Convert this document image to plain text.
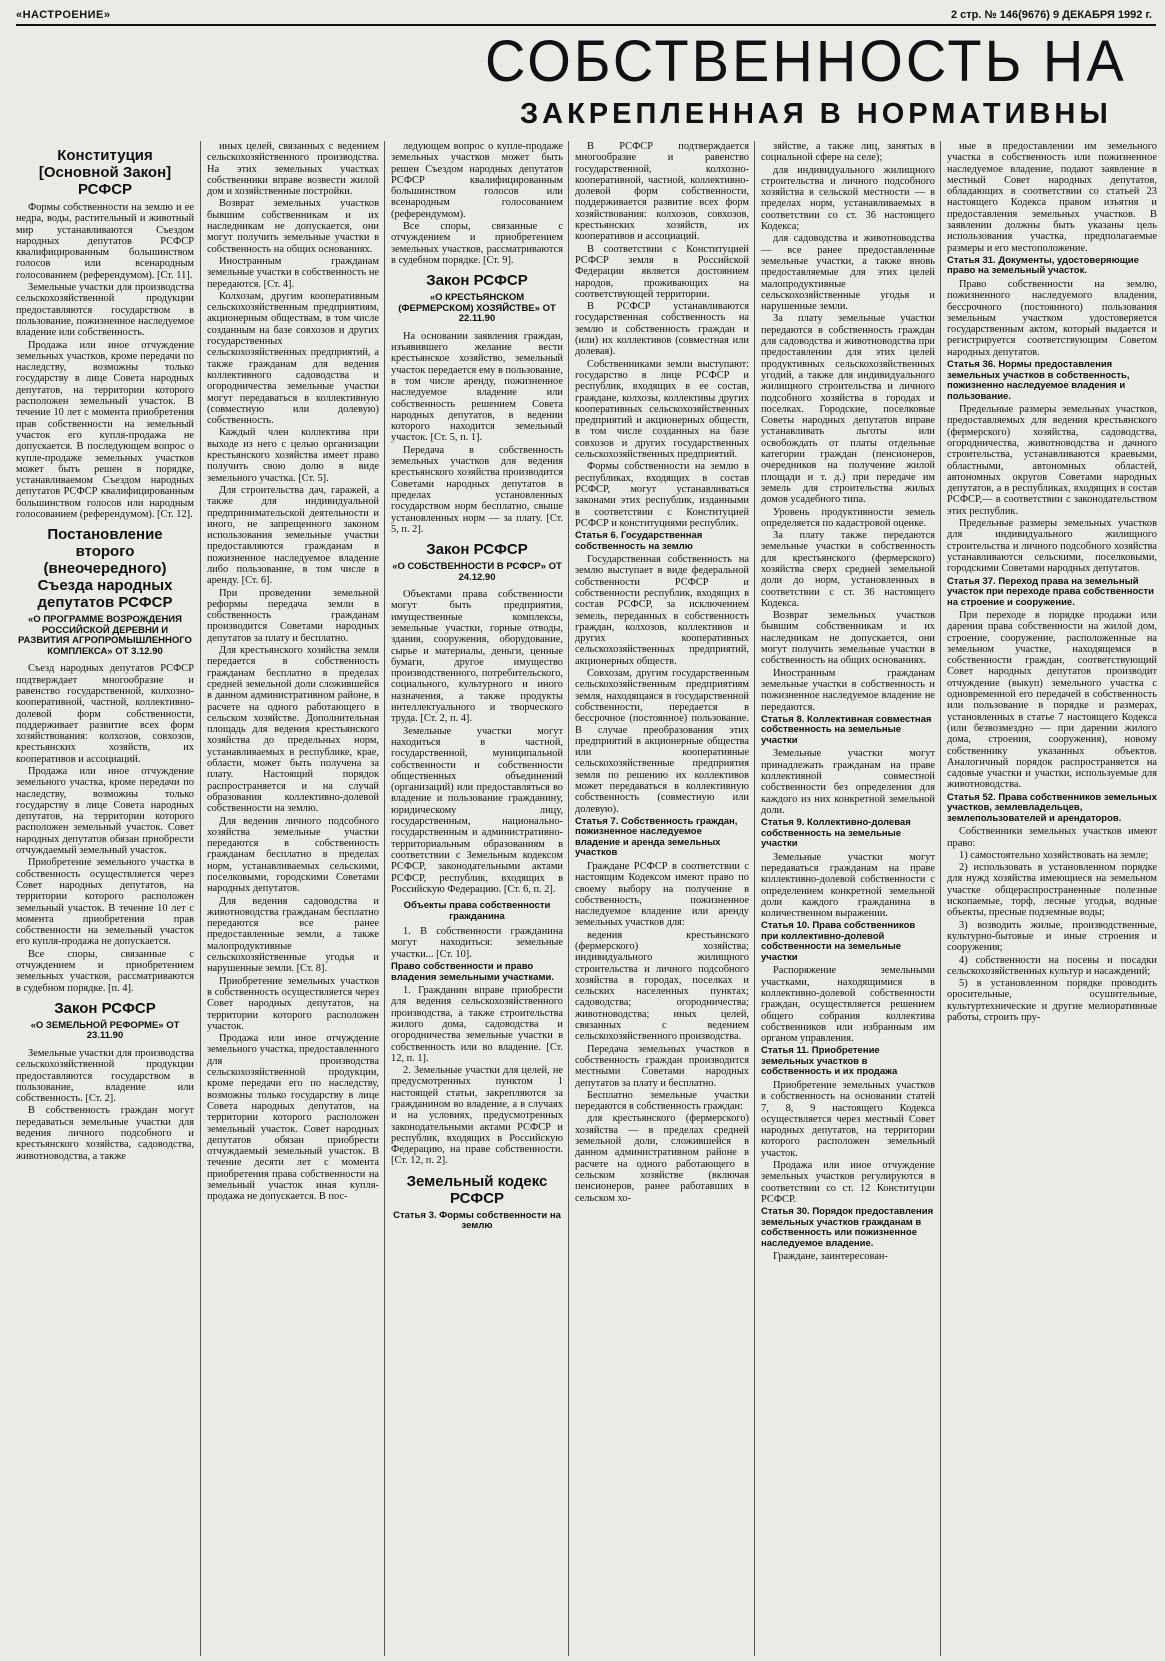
«НАСТРОЕНИЕ»	2 стр. № 146(9676) 9 ДЕКАБРЯ 1992 г.
СОБСТВЕННОСТЬ НА
ЗАКРЕПЛЕННАЯ В НОРМАТИВНЫ
Конституция [Основной Закон] РСФСР

Формы собственности на землю и ее недра, воды, растительный и животный мир устанавливаются Съездом народных депутатов РСФСР квалифицированным большинством голосов или всенародным голосованием (референдумом). [Ст. 11].

Земельные участки для производства сельскохозяйственной продукции предоставляются государством в пользование, пожизненное наследуемое владение или собственность.

Продажа или иное отчуждение земельных участков, кроме передачи по наследству, возможны только государству в лице Совета народных депутатов, на территории которого расположен земельный участок. В течение 10 лет с момента приобретения прав собственности на земельный участок его купля-продажа не допускается. В последующем вопрос о купле-продаже земельных участков может быть решен в порядке, устанавливаемом Съездом народных депутатов РСФСР квалифицированным большинством голосов или народным голосованием (референдумом). [Ст. 12].

Постановление второго (внеочередного) Съезда народных депутатов РСФСР
«О ПРОГРАММЕ ВОЗРОЖДЕНИЯ РОССИЙСКОЙ ДЕРЕВНИ И РАЗВИТИЯ АГРОПРОМЫШЛЕННОГО КОМПЛЕКСА» ОТ 3.12.90

Съезд народных депутатов РСФСР подтверждает многообразие и равенство государственной, колхозно-кооперативной, частной, коллективно-долевой форм собственности, поддерживает развитие всех форм хозяйствования: колхозов, совхозов, крестьянских хозяйств, их кооперативов и ассоциаций.

Продажа или иное отчуждение земельного участка, кроме передачи по наследству, возможны только государству в лице Совета народных депутатов, на территории которого расположен земельный участок. Совет народных депутатов обязан приобрести отчуждаемый земельный участок.

Приобретение земельного участка в собственность осуществляется через Совет народных депутатов, на территории которого расположен земельный участок. В течение 10 лет с момента приобретения прав собственности на земельный участок его купля-продажа не допускается.

Все споры, связанные с отчуждением и приобретением земельных участков, рассматриваются в судебном порядке. [п. 4].

Закон РСФСР
«О ЗЕМЕЛЬНОЙ РЕФОРМЕ» ОТ 23.11.90

Земельные участки для производства сельскохозяйственной продукции предоставляются государством в пользование, владение или собственность. [Ст. 2].

В собственность граждан могут передаваться земельные участки для ведения личного подсобного и крестьянского хозяйства, садоводства, животноводства, а также

иных целей, связанных с ведением сельскохозяйственного производства. На этих земельных участках собственники вправе возвести жилой дом и хозяйственные постройки.

Возврат земельных участков бывшим собственникам и их наследникам не допускается, они могут получить земельные участки в собственность на общих основаниях.

Иностранным гражданам земельные участки в собственность не передаются. [Ст. 4].

Колхозам, другим кооперативным сельскохозяйственным предприятиям, акционерным обществам, в том числе созданным на базе совхозов и других государственных сельскохозяйственных предприятий, а также гражданам для ведения коллективного садоводства и огородничества земельные участки могут передаваться в коллективную (совместную или долевую) собственность.

Каждый член коллектива при выходе из него с целью организации крестьянского хозяйства имеет право получить свою долю в виде земельного участка. [Ст. 5].

Для строительства дач, гаражей, а также для индивидуальной предпринимательской деятельности и иного, не запрещенного законом использования земельные участки предоставляются гражданам в пожизненное наследуемое владение либо пользование, в том числе в аренду. [Ст. 6].

При проведении земельной реформы передача земли в собственность гражданам производится Советами народных депутатов за плату и бесплатно.

Для крестьянского хозяйства земля передается в собственность гражданам бесплатно в пределах средней земельной доли сложившейся в данном административном районе, в расчете на одного работающего в сельском хозяйстве. Дополнительная площадь для ведения крестьянского хозяйства до предельных норм, устанавливаемых в республике, крае, области, может быть получена за плату. Настоящий порядок распространяется и на случай образования коллективно-долевой собственности на землю.

Для ведения личного подсобного хозяйства земельные участки передаются в собственность гражданам бесплатно в пределах норм, устанавливаемых сельскими, поселковыми, городскими Советами народных депутатов.

Для ведения садоводства и животноводства гражданам бесплатно передаются все ранее предоставленные земли, а также малопродуктивные сельскохозяйственные угодья и нарушенные земли. [Ст. 8].

Приобретение земельных участков в собственность осуществляется через Совет народных депутатов, на территории которого расположен участок.

Продажа или иное отчуждение земельного участка, предоставленного для производства сельскохозяйственной продукции, кроме передачи его по наследству, возможны только государству в лице Совета народных депутатов, на территории которого расположен земельный участок. Совет народных депутатов обязан приобрести отчуждаемый земельный участок. В течение десяти лет с момента приобретения права собственности на земельный участок иная купля-продажа не допускается. В пос-

ледующем вопрос о купле-продаже земельных участков может быть решен Съездом народных депутатов РСФСР квалифицированным большинством голосов или всенародным голосованием (референдумом).

Все споры, связанные с отчуждением и приобретением земельных участков, рассматриваются в судебном порядке. [Ст. 9].

Закон РСФСР
«О КРЕСТЬЯНСКОМ (ФЕРМЕРСКОМ) ХОЗЯЙСТВЕ» ОТ 22.11.90

На основании заявления граждан, изъявившего желание вести крестьянское хозяйство, земельный участок передается ему в пользование, в том числе аренду, пожизненное наследуемое владение или собственность решением Совета народных депутатов, в ведении которого находится земельный участок. [Ст. 5, п. 1].

Передача в собственность земельных участков для ведения крестьянского хозяйства производится Советами народных депутатов в пределах установленных государством норм бесплатно, свыше установленных норм — за плату. [Ст. 5, п. 2].

Закон РСФСР
«О СОБСТВЕННОСТИ В РСФСР» ОТ 24.12.90

Объектами права собственности могут быть предприятия, имущественные комплексы, земельные участки, горные отводы, здания, сооружения, оборудование, сырье и материалы, деньги, ценные бумаги, другое имущество производственного, потребительского, социального, культурного и иного назначения, а также продукты интеллектуального и творческого труда. [Ст. 2, п. 4].

Земельные участки могут находиться в частной, государственной, муниципальной собственности и собственности общественных объединений (организаций) или предоставляться во владение и пользование гражданину, юридическому лицу, государственным, национально-государственным и административно-территориальным образованиям в соответствии с Земельным кодексом РСФСР, законодательными актами РСФСР, республик, входящих в Российскую Федерацию. [Ст. 6, п. 2].

Объекты права собственности гражданина

1. В собственности гражданина могут находиться: земельные участки... [Ст. 10].

Право собственности и право владения земельными участками.

1. Гражданин вправе приобрести для ведения сельскохозяйственного производства, а также строительства жилого дома, садоводства и огородничества земельные участки в собственность или во владение. [Ст. 12, п. 1].

2. Земельные участки для целей, не предусмотренных пунктом 1 настоящей статьи, закрепляются за гражданином во владение, а в случаях и на условиях, предусмотренных законодательными актами РСФСР и республик, входящих в Российскую Федерацию, на праве собственности. [Ст. 12, п. 2].

Земельный кодекс РСФСР
Статья 3. Формы собственности на землю

В РСФСР подтверждается многообразие и равенство государственной, колхозно-кооперативной, частной, коллективно-долевой форм собственности, поддерживается развитие всех форм хозяйствования: колхозов, совхозов, крестьянских хозяйств, их кооперативов и ассоциаций.

В соответствии с Конституцией РСФСР земля в Российской Федерации является достоянием народов, проживающих на соответствующей территории.

В РСФСР устанавливаются государственная собственность на землю и собственность граждан и (или) их коллективов (совместная или долевая).

Собственниками земли выступают: государство в лице РСФСР и республик, входящих в ее состав, граждане, колхозы, коллективы других кооперативных сельскохозяйственных предприятий и акционерных обществ, в том числе созданных на базе совхозов и других государственных сельскохозяйственных предприятий.

Формы собственности на землю в республиках, входящих в состав РСФСР, могут устанавливаться законами этих республик, изданными в соответствии с Конституцией РСФСР и конституциями республик.

Статья 6. Государственная собственность на землю

Государственная собственность на землю выступает в виде федеральной собственности РСФСР и собственности республик, входящих в состав РСФСР, за исключением земель, переданных в собственность граждан, колхозов, коллективов и других кооперативных сельскохозяйственных предприятий, акционерных обществ.

Совхозам, другим государственным сельскохозяйственным предприятиям земля, находящаяся в государственной собственности, передается в бессрочное (постоянное) пользование. В случае преобразования этих предприятий в акционерные общества или кооперативные сельскохозяйственные предприятия земля по решению их коллективов может передаваться в коллективную собственность (совместную или долевую).

Статья 7. Собственность граждан, пожизненное наследуемое владение и аренда земельных участков

Граждане РСФСР в соответствии с настоящим Кодексом имеют право по своему выбору на получение в собственность, пожизненное наследуемое владение или аренду земельных участков для:

ведения крестьянского (фермерского) хозяйства; индивидуального жилищного строительства и личного подсобного хозяйства в городах, поселках и сельских населенных пунктах; садоводства; огородничества; животноводства; иных целей, связанных с ведением сельскохозяйственного производства.

Передача земельных участков в собственность граждан производится местными Советами народных депутатов за плату и бесплатно.

Бесплатно земельные участки передаются в собственность граждан:

для крестьянского (фермерского) хозяйства — в пределах средней земельной доли, сложившейся в данном административном районе в расчете на одного работающего в сельском хозяйстве (включая пенсионеров, ранее работавших в сельском хо-

зяйстве, а также лиц, занятых в социальной сфере на селе);

для индивидуального жилищного строительства и личного подсобного хозяйства в сельской местности — в пределах норм, устанавливаемых в соответствии со ст. 36 настоящего Кодекса;

для садоводства и животноводства — все ранее предоставленные земельные участки, а также вновь предоставляемые для этих целей малопродуктивные сельскохозяйственные угодья и нарушенные земли.

За плату земельные участки передаются в собственность граждан для садоводства и животноводства при предоставлении для этих целей продуктивных сельскохозяйственных угодий, а также для индивидуального жилищного строительства и личного подсобного хозяйства в городах и поселках. Городские, поселковые Советы народных депутатов вправе устанавливать льготы или освобождать от платы отдельные категории граждан (пенсионеров, очередников на получение жилой площади и т. д.) при передаче им земель для строительства жилых домов усадебного типа.

Уровень продуктивности земель определяется по кадастровой оценке.

За плату также передаются земельные участки в собственность для крестьянского (фермерского) хозяйства сверх средней земельной доли до норм, установленных в соответствии с ст. 36 настоящего Кодекса.

Возврат земельных участков бывшим собственникам и их наследникам не допускается, они могут получить земельные участки в собственность на общих основаниях.

Иностранным гражданам земельные участки в собственность и пожизненное наследуемое владение не передаются.

Статья 8. Коллективная совместная собственность на земельные участки

Земельные участки могут принадлежать гражданам на праве коллективной совместной собственности без определения для каждого из них конкретной земельной доли.

Статья 9. Коллективно-долевая собственность на земельные участки

Земельные участки могут передаваться гражданам на праве коллективно-долевой собственности с определением конкретной земельной доли каждого гражданина в количественном выражении.

Статья 10. Права собственников при коллективно-долевой собственности на земельные участки

Распоряжение земельными участками, находящимися в коллективно-долевой собственности граждан, осуществляется решением общего собрания коллектива собственников или избранным им органом управления.

Статья 11. Приобретение земельных участков в собственность и их продажа

Приобретение земельных участков в собственность на основании статей 7, 8, 9 настоящего Кодекса осуществляется через местный Совет народных депутатов, на территории которого расположен земельный участок.

Продажа или иное отчуждение земельных участков регулируются в соответствии со ст. 12 Конституции РСФСР.

Статья 30. Порядок предоставления земельных участков гражданам в собственность или пожизненное наследуемое владение.

Граждане, заинтересован-

ные в предоставлении им земельного участка в собственность или пожизненное наследуемое владение, подают заявление в местный Совет народных депутатов, обладающих в соответствии со статьей 23 настоящего Кодекса правом изъятия и предоставления земельных участков. В заявлении должны быть указаны цель использования участка, предполагаемые размеры и его местоположение.

Статья 31. Документы, удостоверяющие право на земельный участок.

Право собственности на землю, пожизненного наследуемого владения, бессрочного (постоянного) пользования земельным участком удостоверяется государственным актом, который выдается и регистрируется соответствующим Советом народных депутатов.

Статья 36. Нормы предоставления земельных участков в собственность, пожизненно наследуемое владения и пользование.

Предельные размеры земельных участков, предоставляемых для ведения крестьянского (фермерского) хозяйства, садоводства, огородничества, животноводства и дачного строительства, устанавливаются краевыми, областными, автономных областей, автономных округов Советами народных депутатов, а в республиках, входящих в состав РСФСР,— в соответствии с законодательством этих республик.

Предельные размеры земельных участков для индивидуального жилищного строительства и личного подсобного хозяйства устанавливаются сельскими, поселковыми, городскими Советами народных депутатов.

Статья 37. Переход права на земельный участок при переходе права собственности на строение и сооружение.

При переходе в порядке продажи или дарения права собственности на жилой дом, строение, сооружение, расположенные на земельном участке, находящемся в собственности граждан, соответствующий Совет народных депутатов производит отчуждение (выкуп) земельного участка с одновременной его передачей в собственность или пользование в порядке и размерах, установленных в статье 7 настоящего Кодекса (или безвозмездно — при дарении жилого дома, строения, сооружения), новому собственнику указанных объектов. Аналогичный порядок распространяется на садовые участки и участки, используемые для животноводства.

Статья 52. Права собственников земельных участков, землевладельцев, землепользователей и арендаторов.

Собственники земельных участков имеют право:

1) самостоятельно хозяйствовать на земле;

2) использовать в установленном порядке для нужд хозяйства имеющиеся на земельном участке общераспространенные полезные ископаемые, торф, лесные угодья, водные объекты, пресные подземные воды;

3) возводить жилые, производственные, культурно-бытовые и иные строения и сооружения;

4) собственности на посевы и посадки сельскохозяйственных культур и насаждений;

5) в установленном порядке проводить оросительные, осушительные, культуртехнические и другие мелиоративные работы, строить пру-
